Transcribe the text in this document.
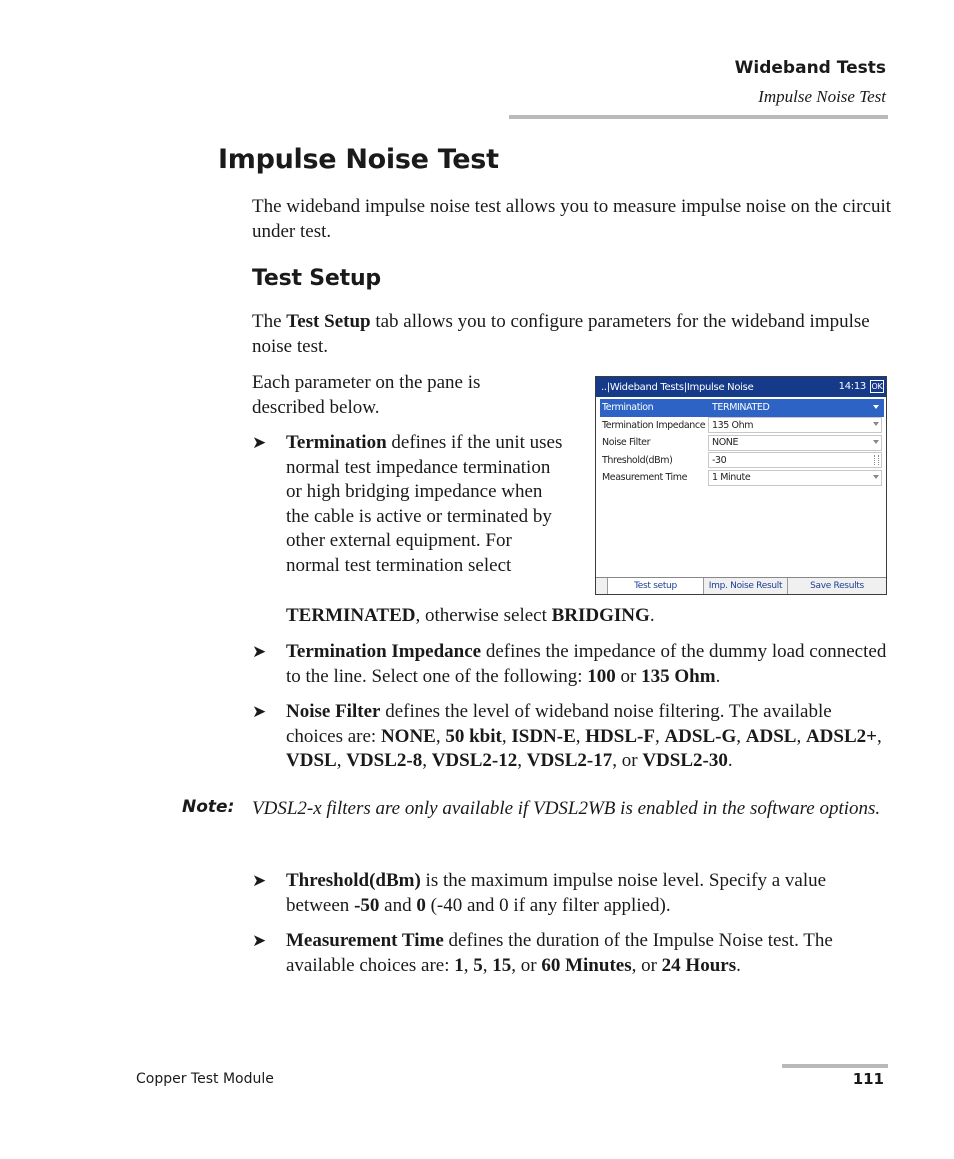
Wideband Tests
Impulse Noise Test
Impulse Noise Test

The wideband impulse noise test allows you to measure impulse noise on the circuit under test.

Test Setup

The Test Setup tab allows you to configure parameters for the wideband impulse noise test.

Each parameter on the pane is described below.

➤	Termination defines if the unit uses normal test impedance termination or high bridging impedance when the cable is active or terminated by other external equipment. For normal test termination select
TERMINATED, otherwise select BRIDGING.
➤	Termination Impedance defines the impedance of the dummy load connected to the line. Select one of the following: 100 or 135 Ohm.
➤	Noise Filter defines the level of wideband noise filtering. The available choices are: NONE, 50 kbit, ISDN-E, HDSL-F, ADSL-G, ADSL, ADSL2+, VDSL, VDSL2-8, VDSL2-12, VDSL2-17, or VDSL2-30.
Note: VDSL2-x filters are only available if VDSL2WB is enabled in the software options.
➤	Threshold(dBm) is the maximum impulse noise level. Specify a value between -50 and 0 (-40 and 0 if any filter applied).
➤	Measurement Time defines the duration of the Impulse Noise test. The available choices are: 1, 5, 15, or 60 Minutes, or 24 Hours.
..|Wideband Tests|Impulse Noise	14:13 OK
Termination	TERMINATED
Termination Impedance 135 Ohm
Noise Filter	NONE
Threshold(dBm)	-30
Measurement Time	1 Minute
Test setup	Imp. Noise Result	Save Results
Copper Test Module	111
